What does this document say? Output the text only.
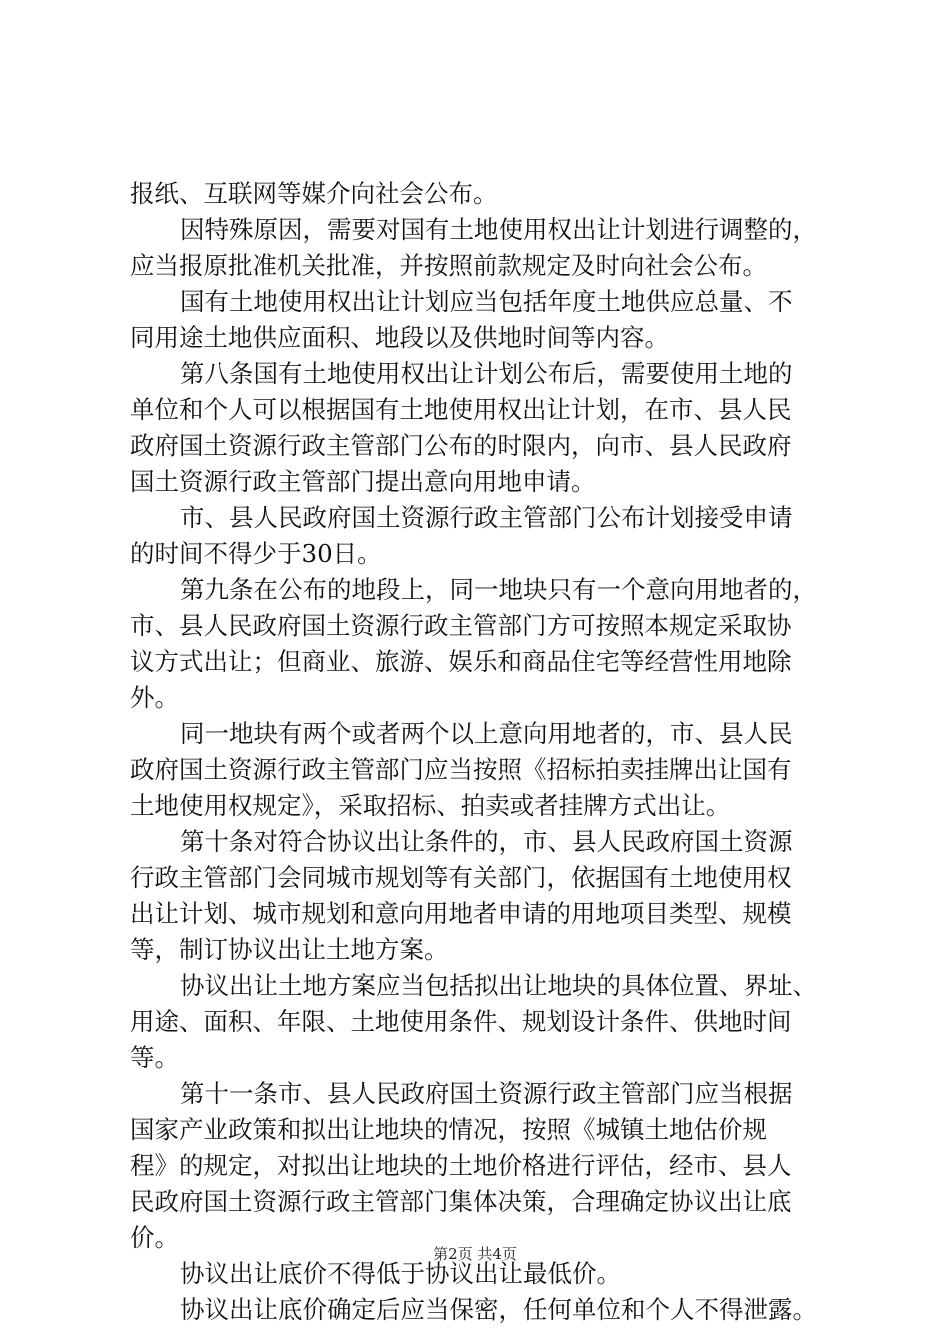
报纸、互联网等媒介向社会公布。
因特殊原因，需要对国有土地使用权出让计划进行调整的，
应当报原批准机关批准，并按照前款规定及时向社会公布。
国有土地使用权出让计划应当包括年度土地供应总量、不
同用途土地供应面积、地段以及供地时间等内容。
第八条国有土地使用权出让计划公布后，需要使用土地的
单位和个人可以根据国有土地使用权出让计划，在市、县人民
政府国土资源行政主管部门公布的时限内，向市、县人民政府
国土资源行政主管部门提出意向用地申请。
市、县人民政府国土资源行政主管部门公布计划接受申请
的时间不得少于30日。
第九条在公布的地段上，同一地块只有一个意向用地者的，
市、县人民政府国土资源行政主管部门方可按照本规定采取协
议方式出让；但商业、旅游、娱乐和商品住宅等经营性用地除
外。
同一地块有两个或者两个以上意向用地者的，市、县人民
政府国土资源行政主管部门应当按照《招标拍卖挂牌出让国有
土地使用权规定》，采取招标、拍卖或者挂牌方式出让。
第十条对符合协议出让条件的，市、县人民政府国土资源
行政主管部门会同城市规划等有关部门，依据国有土地使用权
出让计划、城市规划和意向用地者申请的用地项目类型、规模
等，制订协议出让土地方案。
协议出让土地方案应当包括拟出让地块的具体位置、界址、
用途、面积、年限、土地使用条件、规划设计条件、供地时间
等。
第十一条市、县人民政府国土资源行政主管部门应当根据
国家产业政策和拟出让地块的情况，按照《城镇土地估价规
程》的规定，对拟出让地块的土地价格进行评估，经市、县人
民政府国土资源行政主管部门集体决策，合理确定协议出让底
价。
协议出让底价不得低于协议出让最低价。
协议出让底价确定后应当保密，任何单位和个人不得泄露。
第2页 共4页
